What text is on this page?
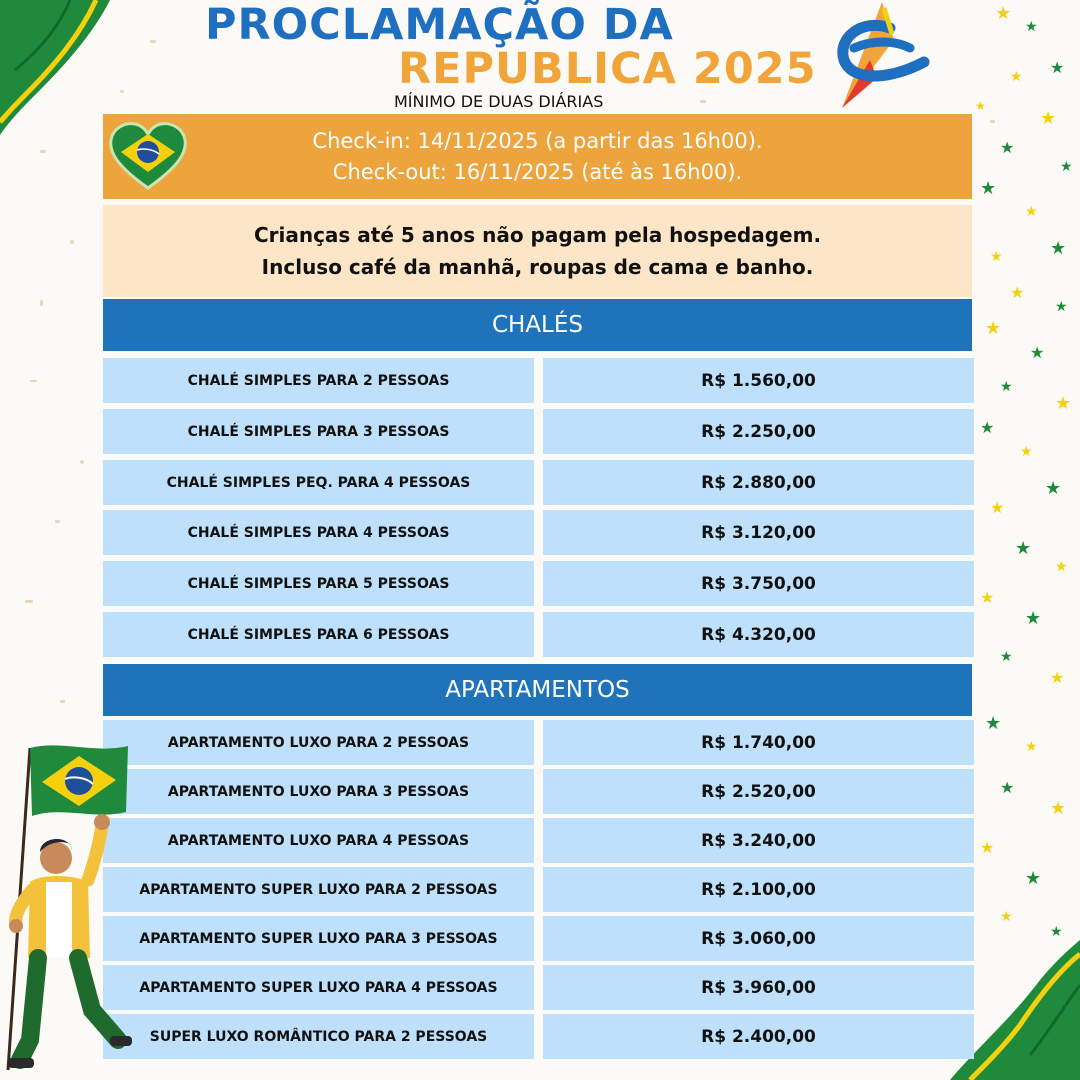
★
★
★
★
★
★
★
★
★
★
★
★
★
★
★
★
★
★
★
★
★
★
★
★
★
★
★
★
★
★
★
★
★
★
★
★
PROCLAMAÇÃO DA
REPUBLICA 2025
MÍNIMO DE DUAS DIÁRIAS
Check-in: 14/11/2025 (a partir das 16h00).
Check-out: 16/11/2025 (até às 16h00).
Crianças até 5 anos não pagam pela hospedagem.
Incluso café da manhã, roupas de cama e banho.
CHALÉS
CHALÉ SIMPLES PARA 2 PESSOAS	R$ 1.560,00
CHALÉ SIMPLES PARA 3 PESSOAS	R$ 2.250,00
CHALÉ SIMPLES PEQ. PARA 4 PESSOAS	R$ 2.880,00
CHALÉ SIMPLES PARA 4 PESSOAS	R$ 3.120,00
CHALÉ SIMPLES PARA 5 PESSOAS	R$ 3.750,00
CHALÉ SIMPLES PARA 6 PESSOAS	R$ 4.320,00
APARTAMENTOS
APARTAMENTO LUXO PARA 2 PESSOAS	R$ 1.740,00
APARTAMENTO LUXO PARA 3 PESSOAS	R$ 2.520,00
APARTAMENTO LUXO PARA 4 PESSOAS	R$ 3.240,00
APARTAMENTO SUPER LUXO PARA 2 PESSOAS	R$ 2.100,00
APARTAMENTO SUPER LUXO PARA 3 PESSOAS	R$ 3.060,00
APARTAMENTO SUPER LUXO PARA 4 PESSOAS	R$ 3.960,00
SUPER LUXO ROMÂNTICO PARA 2 PESSOAS	R$ 2.400,00
